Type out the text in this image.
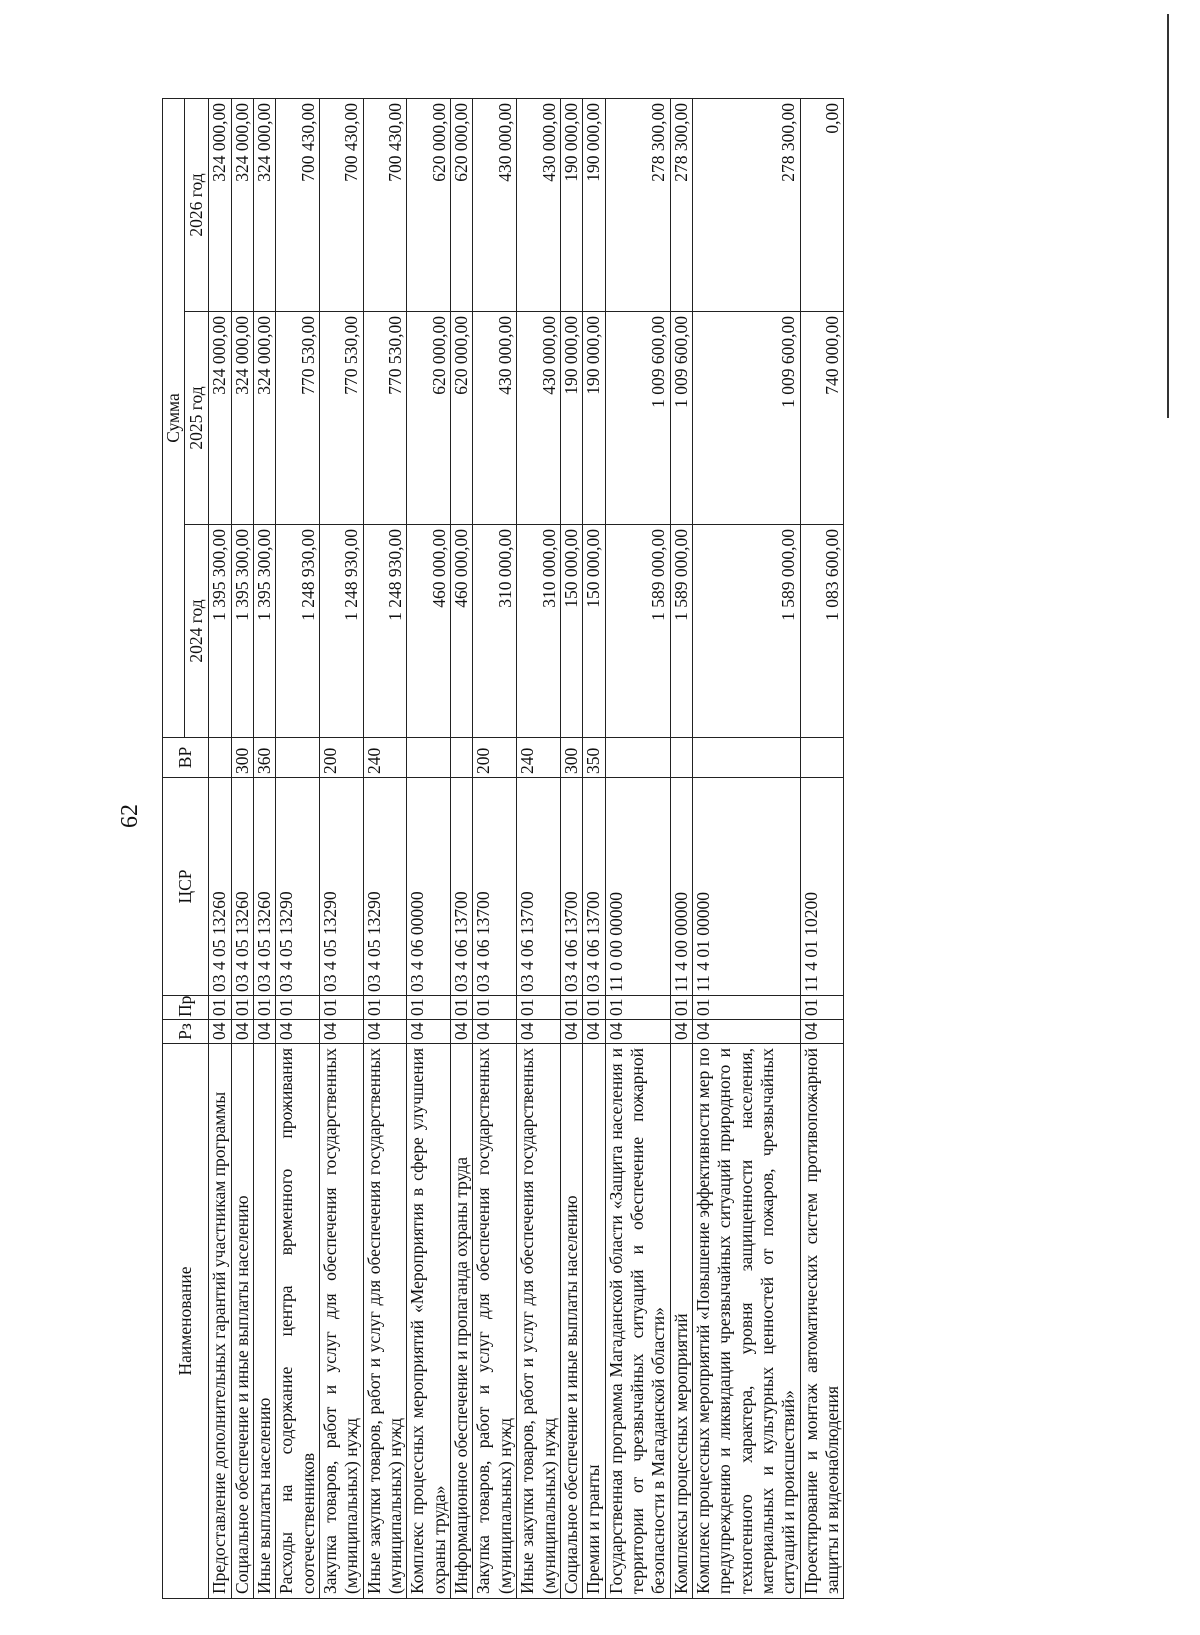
62
Наименование	Рз	Пр	ЦСР	ВР	Сумма		
					2024 год	2025 год	2026 год
Предоставление дополнительных гарантий участникам программы	04	01	03 4 05 13260		1 395 300,00	324 000,00	324 000,00
Социальное обеспечение и иные выплаты населению	04	01	03 4 05 13260	300	1 395 300,00	324 000,00	324 000,00
Иные выплаты населению	04	01	03 4 05 13260	360	1 395 300,00	324 000,00	324 000,00
Расходы на содержание центра временного проживания соотечественников	04	01	03 4 05 13290		1 248 930,00	770 530,00	700 430,00
Закупка товаров, работ и услуг для обеспечения государственных (муниципальных) нужд	04	01	03 4 05 13290	200	1 248 930,00	770 530,00	700 430,00
Иные закупки товаров, работ и услуг для обеспечения государственных (муниципальных) нужд	04	01	03 4 05 13290	240	1 248 930,00	770 530,00	700 430,00
Комплекс процессных мероприятий «Мероприятия в сфере улучшения охраны труда»	04	01	03 4 06 00000		460 000,00	620 000,00	620 000,00
Информационное обеспечение и пропаганда охраны труда	04	01	03 4 06 13700		460 000,00	620 000,00	620 000,00
Закупка товаров, работ и услуг для обеспечения государственных (муниципальных) нужд	04	01	03 4 06 13700	200	310 000,00	430 000,00	430 000,00
Иные закупки товаров, работ и услуг для обеспечения государственных (муниципальных) нужд	04	01	03 4 06 13700	240	310 000,00	430 000,00	430 000,00
Социальное обеспечение и иные выплаты населению	04	01	03 4 06 13700	300	150 000,00	190 000,00	190 000,00
Премии и гранты	04	01	03 4 06 13700	350	150 000,00	190 000,00	190 000,00
Государственная программа Магаданской области «Защита населения и территории от чрезвычайных ситуаций и обеспечение пожарной безопасности в Магаданской области»	04	01	11 0 00 00000		1 589 000,00	1 009 600,00	278 300,00
Комплексы процессных мероприятий	04	01	11 4 00 00000		1 589 000,00	1 009 600,00	278 300,00
Комплекс процессных мероприятий «Повышение эффективности мер по предупреждению и ликвидации чрезвычайных ситуаций природного и техногенного характера, уровня защищенности населения, материальных и культурных ценностей от пожаров, чрезвычайных ситуаций и происшествий»	04	01	11 4 01 00000		1 589 000,00	1 009 600,00	278 300,00
Проектирование и монтаж автоматических систем противопожарной защиты и видеонаблюдения	04	01	11 4 01 10200		1 083 600,00	740 000,00	0,00
